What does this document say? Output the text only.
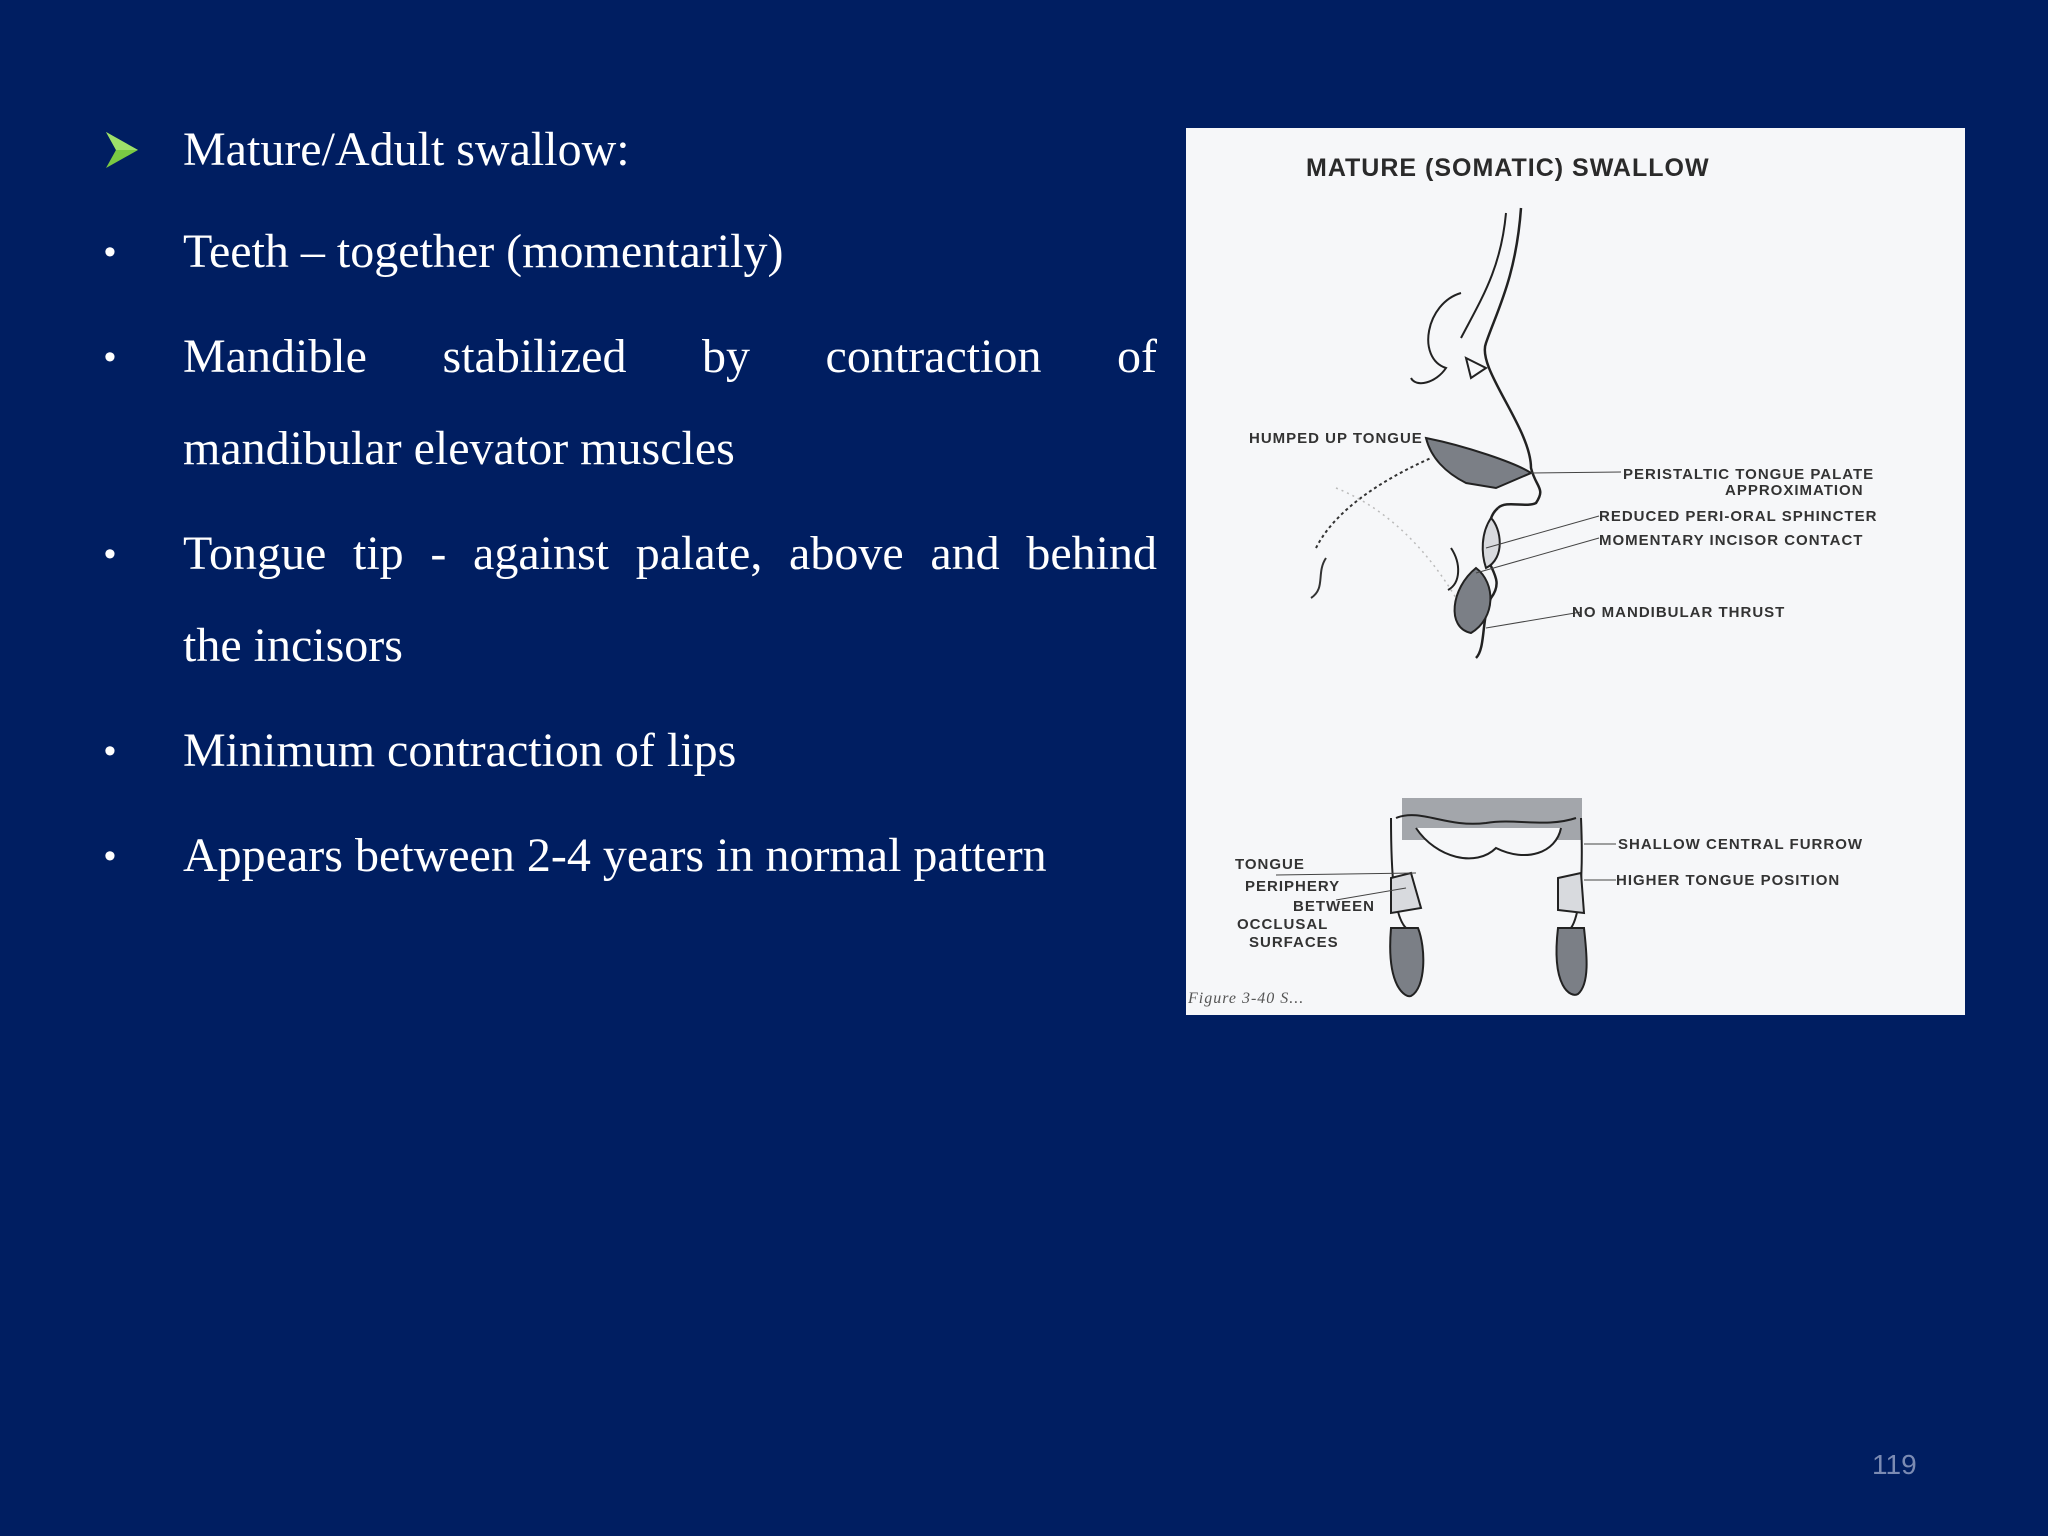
Mature/Adult swallow:
•	Teeth – together (momentarily)
•	Mandible stabilized by contraction of
mandibular elevator muscles
•	Tongue tip - against palate, above and behind
the incisors
•	Minimum contraction of lips
•	Appears between 2-4 years in normal pattern
MATURE (SOMATIC) SWALLOW
HUMPED UP TONGUE
PERISTALTIC TONGUE PALATE
APPROXIMATION
REDUCED PERI-ORAL SPHINCTER
MOMENTARY INCISOR CONTACT
NO MANDIBULAR THRUST
SHALLOW CENTRAL FURROW
HIGHER TONGUE POSITION
TONGUE
PERIPHERY
BETWEEN
OCCLUSAL
SURFACES
Figure 3-40 S...
119
